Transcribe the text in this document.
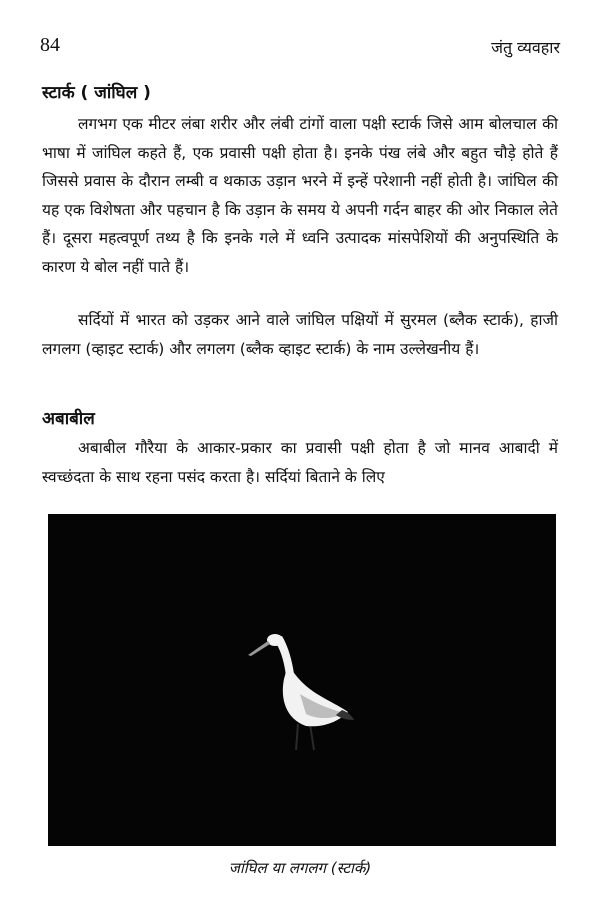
84	जंतु व्यवहार
स्टार्क ( जांघिल )

लगभग एक मीटर लंबा शरीर और लंबी टांगों वाला पक्षी स्टार्क जिसे आम बोलचाल की भाषा में जांघिल कहते हैं, एक प्रवासी पक्षी होता है। इनके पंख लंबे और बहुत चौड़े होते हैं जिससे प्रवास के दौरान लम्बी व थकाऊ उड़ान भरने में इन्हें परेशानी नहीं होती है। जांघिल की यह एक विशेषता और पहचान है कि उड़ान के समय ये अपनी गर्दन बाहर की ओर निकाल लेते हैं। दूसरा महत्वपूर्ण तथ्य है कि इनके गले में ध्वनि उत्पादक मांसपेशियों की अनुपस्थिति के कारण ये बोल नहीं पाते हैं।

सर्दियों में भारत को उड़कर आने वाले जांघिल पक्षियों में सुरमल (ब्लैक स्टार्क), हाजी लगलग (व्हाइट स्टार्क) और लगलग (ब्लैक व्हाइट स्टार्क) के नाम उल्लेखनीय हैं।

अबाबील

अबाबील गौरैया के आकार-प्रकार का प्रवासी पक्षी होता है जो मानव आबादी में स्वच्छंदता के साथ रहना पसंद करता है। सर्दियां बिताने के लिए

जांघिल या लगलग (स्टार्क)
